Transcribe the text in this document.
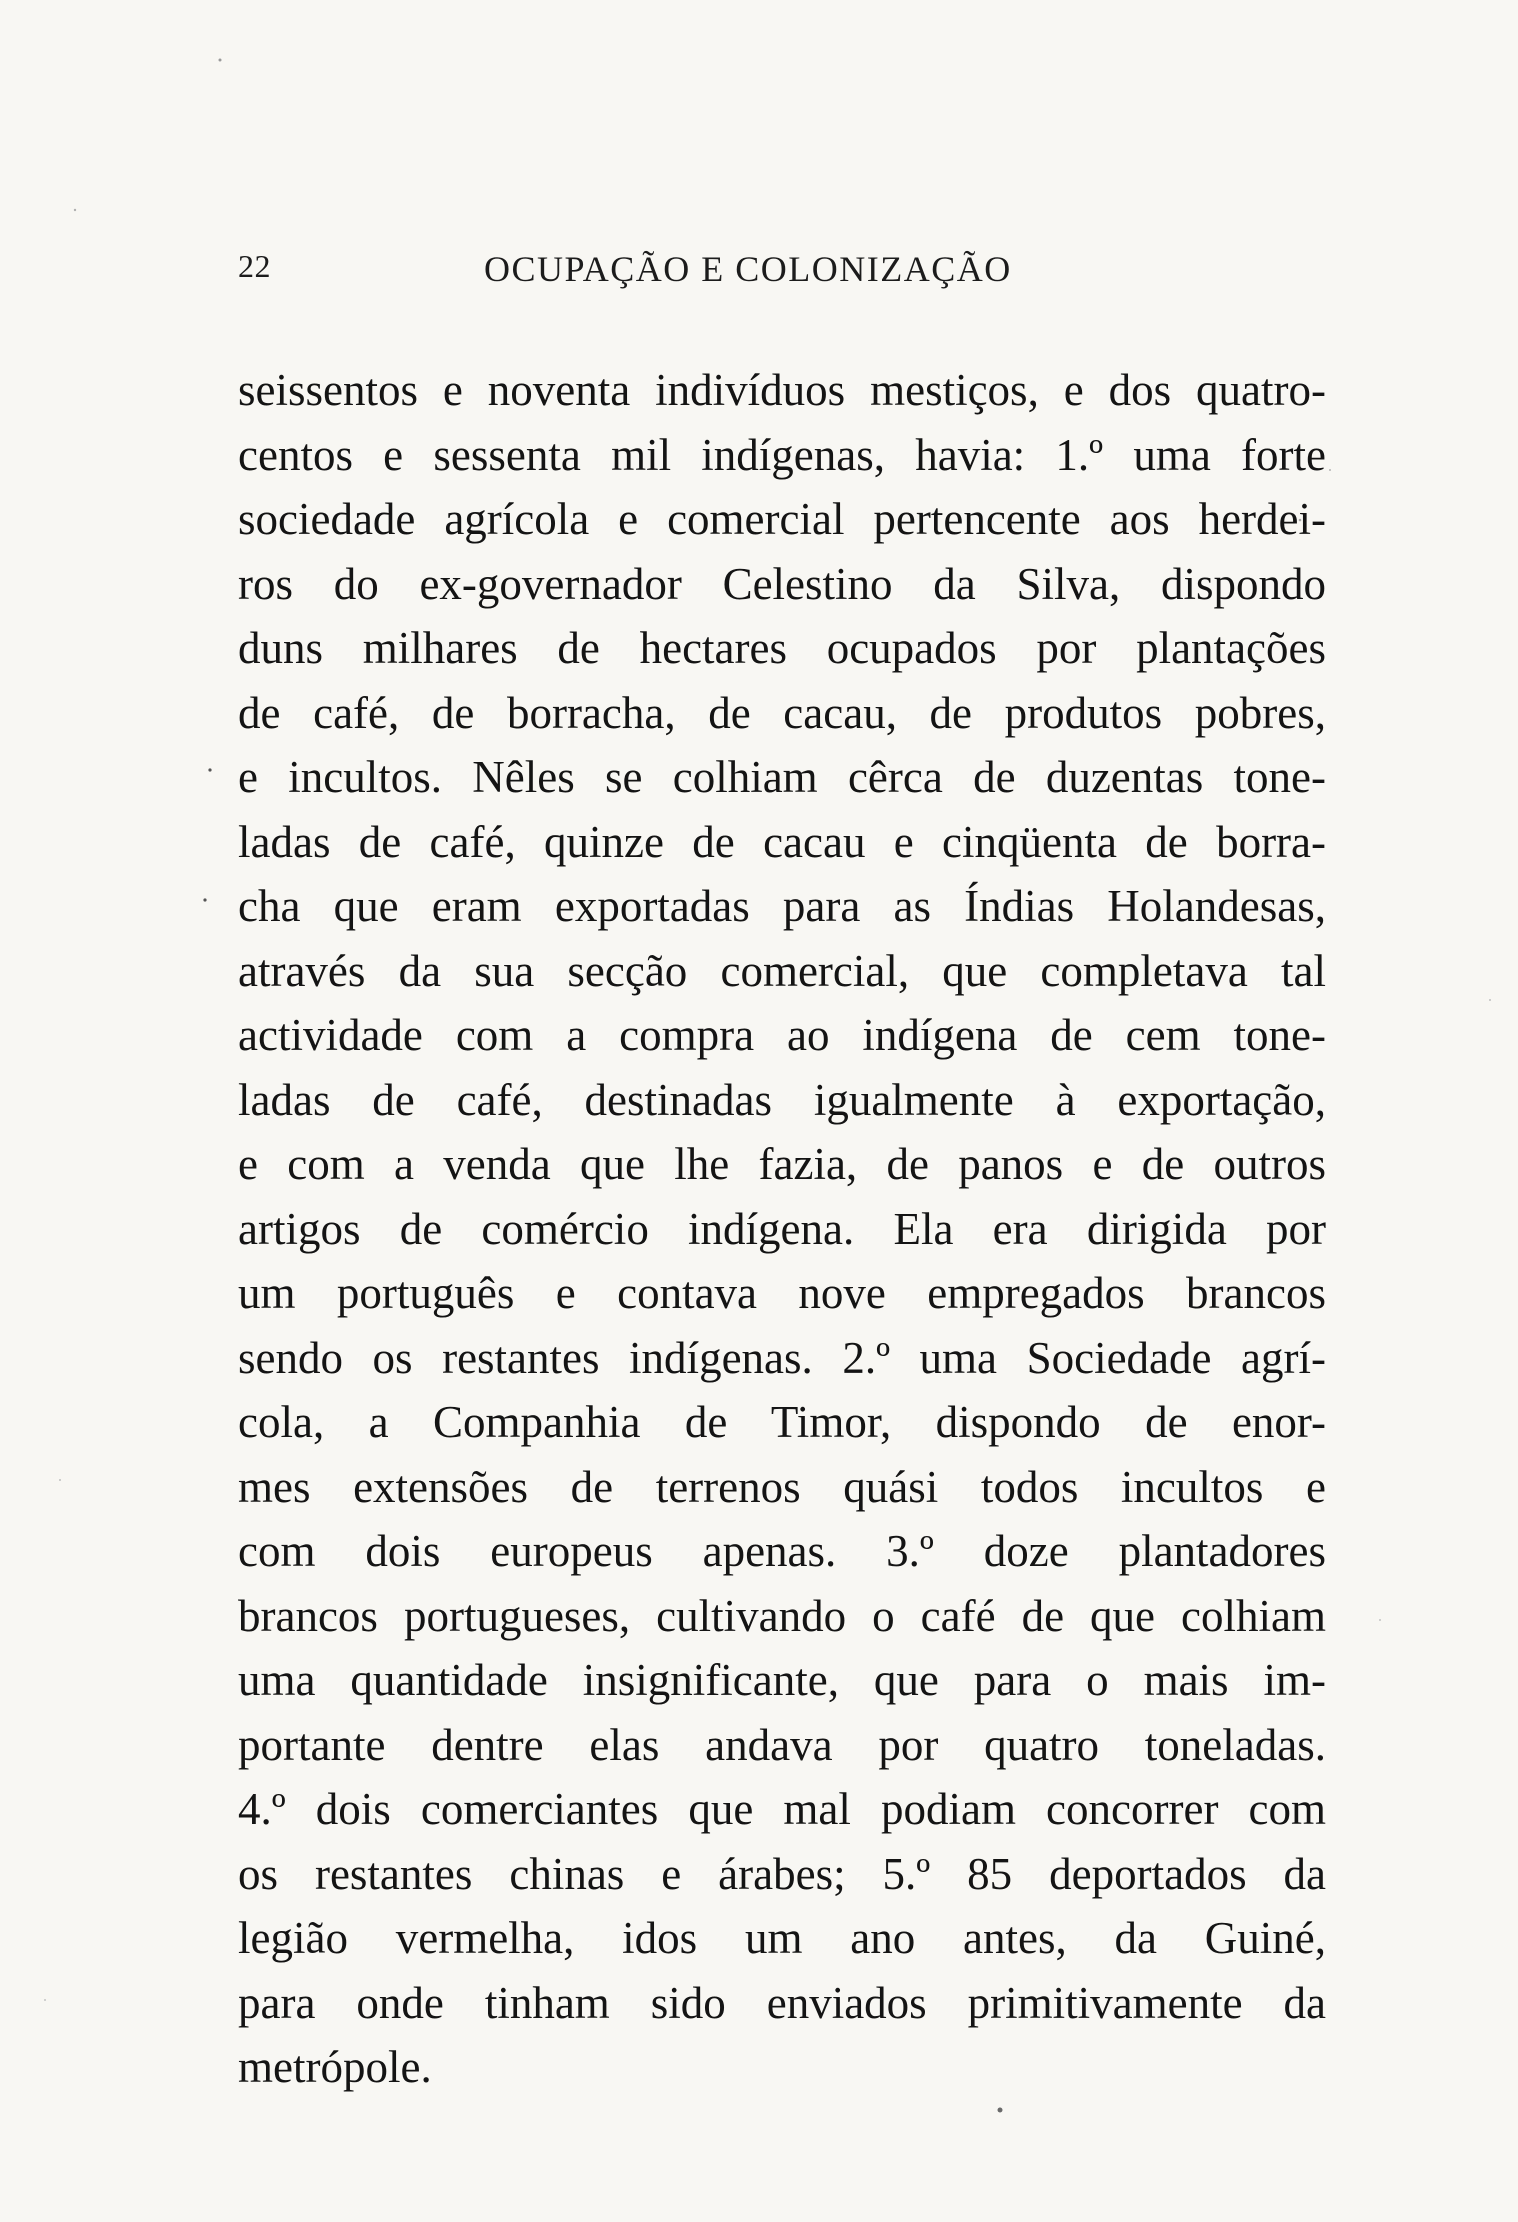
22	OCUPAÇÃO E COLONIZAÇÃO
seissentos e noventa indivíduos mestiços, e dos quatro-
centos e sessenta mil indígenas, havia: 1.º uma forte
sociedade agrícola e comercial pertencente aos herdei-
ros do ex-governador Celestino da Silva, dispondo
duns milhares de hectares ocupados por plantações
de café, de borracha, de cacau, de produtos pobres,
e incultos. Nêles se colhiam cêrca de duzentas tone-
ladas de café, quinze de cacau e cinqüenta de borra-
cha que eram exportadas para as Índias Holandesas,
através da sua secção comercial, que completava tal
actividade com a compra ao indígena de cem tone-
ladas de café, destinadas igualmente à exportação,
e com a venda que lhe fazia, de panos e de outros
artigos de comércio indígena. Ela era dirigida por
um português e contava nove empregados brancos
sendo os restantes indígenas. 2.º uma Sociedade agrí-
cola, a Companhia de Timor, dispondo de enor-
mes extensões de terrenos quási todos incultos e
com dois europeus apenas. 3.º doze plantadores
brancos portugueses, cultivando o café de que colhiam
uma quantidade insignificante, que para o mais im-
portante dentre elas andava por quatro toneladas.
4.º dois comerciantes que mal podiam concorrer com
os restantes chinas e árabes; 5.º 85 deportados da
legião vermelha, idos um ano antes, da Guiné,
para onde tinham sido enviados primitivamente da
metrópole.
